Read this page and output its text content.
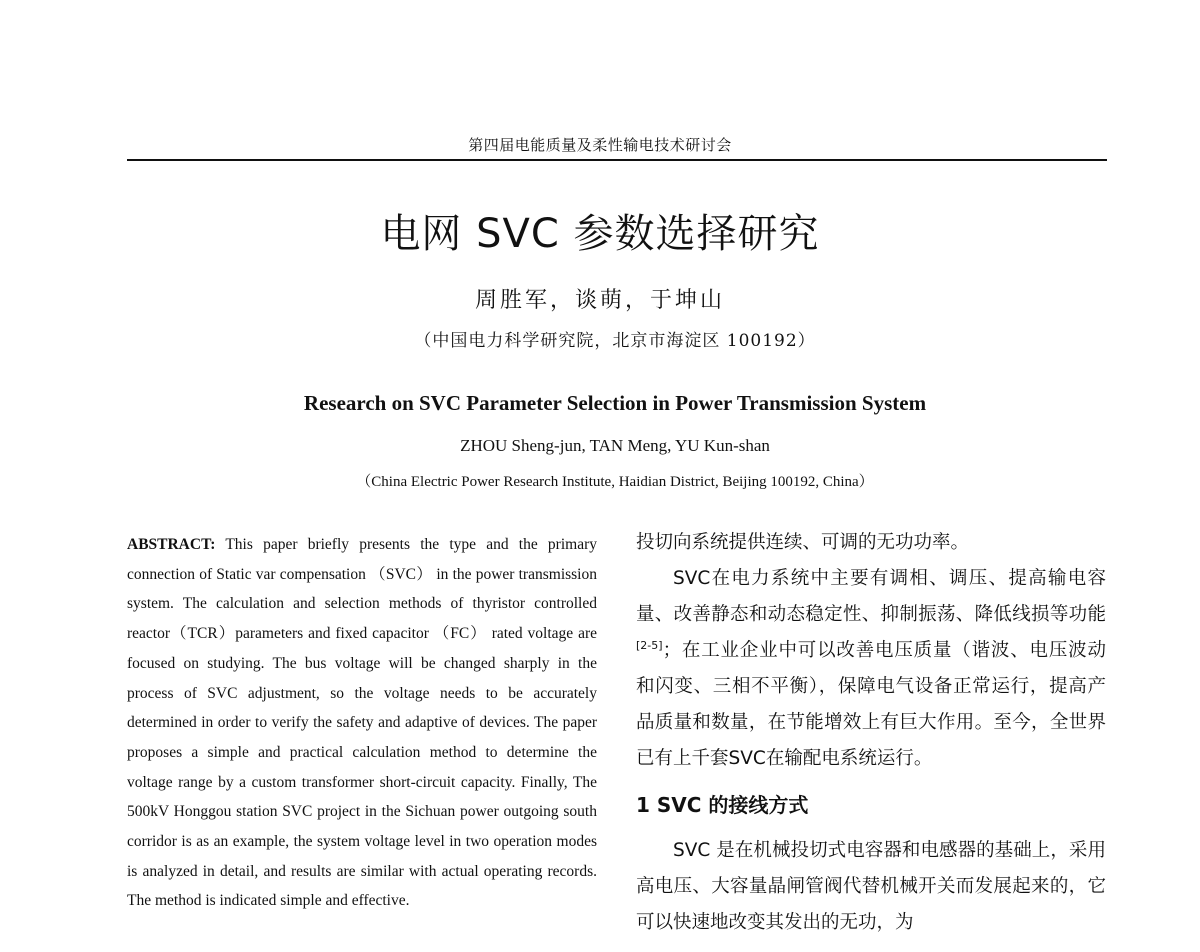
第四届电能质量及柔性输电技术研讨会
电网 SVC 参数选择研究
周胜军，谈萌，于坤山
（中国电力科学研究院，北京市海淀区 100192）
Research on SVC Parameter Selection in Power Transmission System
ZHOU Sheng-jun, TAN Meng, YU Kun-shan
（China Electric Power Research Institute, Haidian District, Beijing 100192, China）
ABSTRACT: This paper briefly presents the type and the primary connection of Static var compensation （SVC） in the power transmission system. The calculation and selection methods of thyristor controlled reactor（TCR）parameters and fixed capacitor （FC） rated voltage are focused on studying. The bus voltage will be changed sharply in the process of SVC adjustment, so the voltage needs to be accurately determined in order to verify the safety and adaptive of devices. The paper proposes a simple and practical calculation method to determine the voltage range by a custom transformer short-circuit capacity. Finally, The 500kV Honggou station SVC project in the Sichuan power outgoing south corridor is as an example, the system voltage level in two operation modes is analyzed in detail, and results are similar with actual operating records. The method is indicated simple and effective.

投切向系统提供连续、可调的无功功率。

SVC在电力系统中主要有调相、调压、提高输电容量、改善静态和动态稳定性、抑制振荡、降低线损等功能[2-5]；在工业企业中可以改善电压质量（谐波、电压波动和闪变、三相不平衡），保障电气设备正常运行，提高产品质量和数量，在节能增效上有巨大作用。至今，全世界已有上千套SVC在输配电系统运行。

1 SVC 的接线方式

SVC 是在机械投切式电容器和电感器的基础上，采用高电压、大容量晶闸管阀代替机械开关而发展起来的，它可以快速地改变其发出的无功，为
